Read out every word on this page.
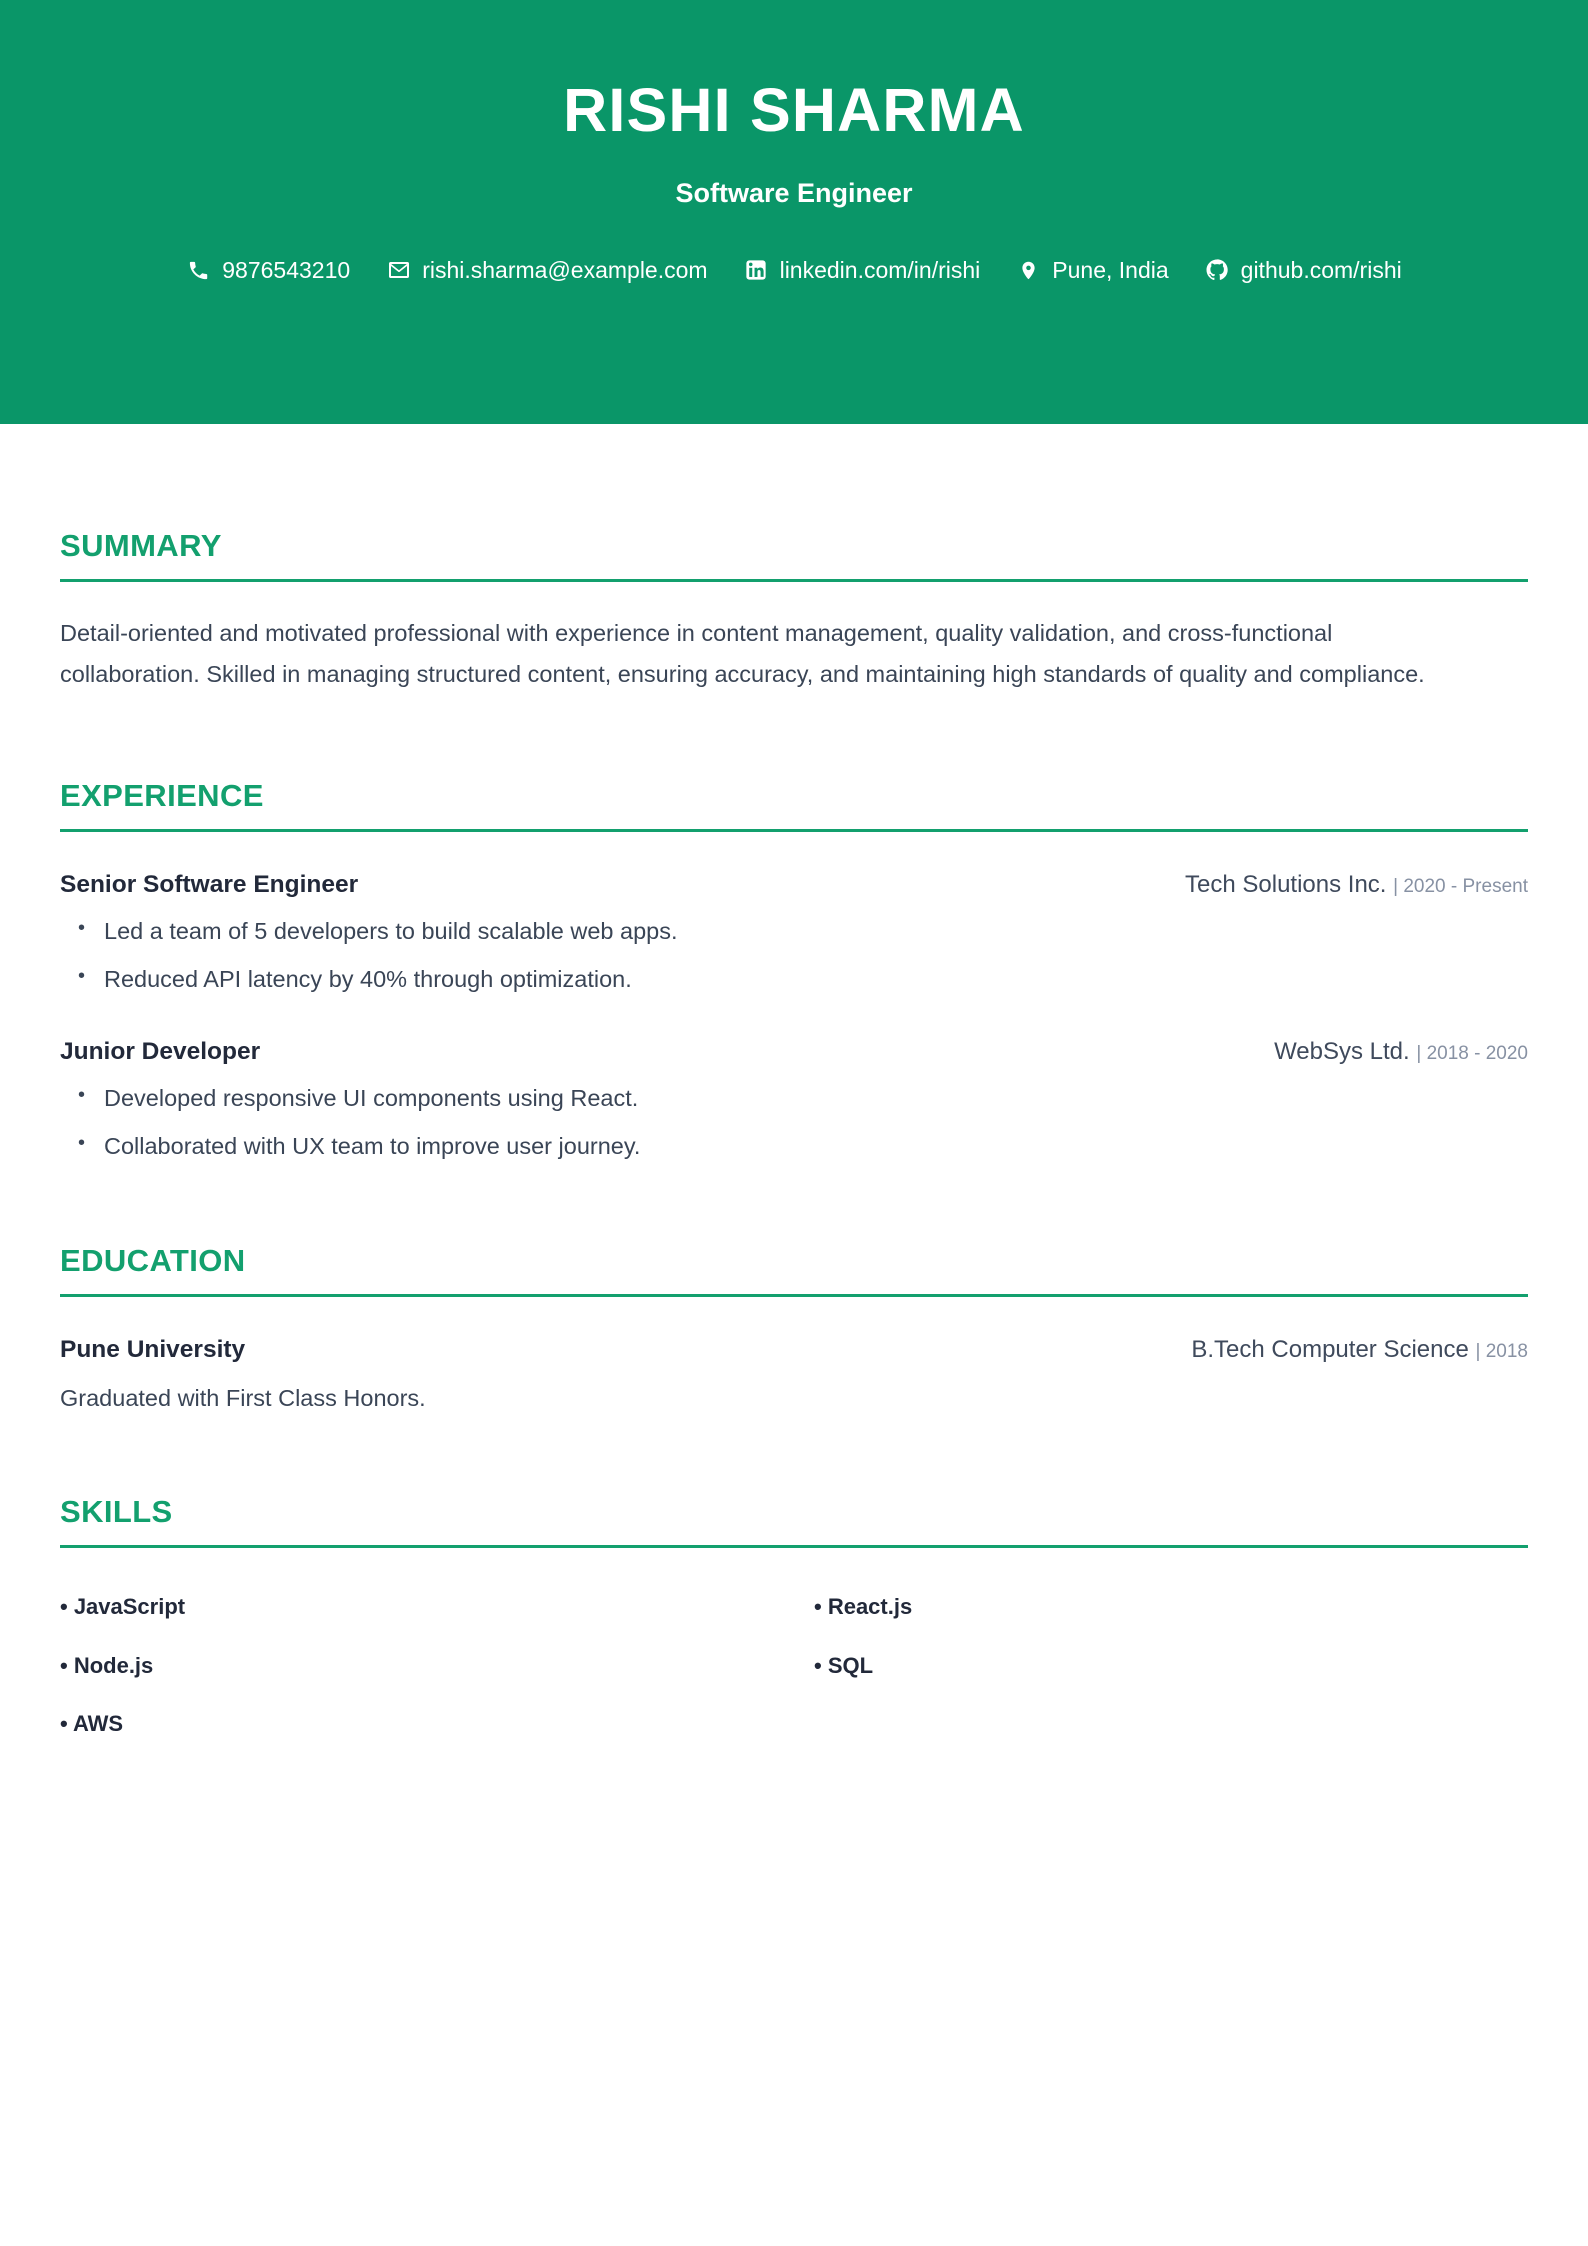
RISHI SHARMA
Software Engineer
9876543210	rishi.sharma@example.com	linkedin.com/in/rishi	Pune, India	github.com/rishi
SUMMARY

Detail-oriented and motivated professional with experience in content management, quality validation, and cross-functional collaboration. Skilled in managing structured content, ensuring accuracy, and maintaining high standards of quality and compliance.

EXPERIENCE
Senior Software Engineer	Tech Solutions Inc. | 2020 - Present
• Led a team of 5 developers to build scalable web apps.
• Reduced API latency by 40% through optimization.
Junior Developer	WebSys Ltd. | 2018 - 2020
• Developed responsive UI components using React.
• Collaborated with UX team to improve user journey.
EDUCATION
Pune University	B.Tech Computer Science | 2018
Graduated with First Class Honors.
SKILLS
• JavaScript	• React.js
• Node.js	• SQL
• AWS
